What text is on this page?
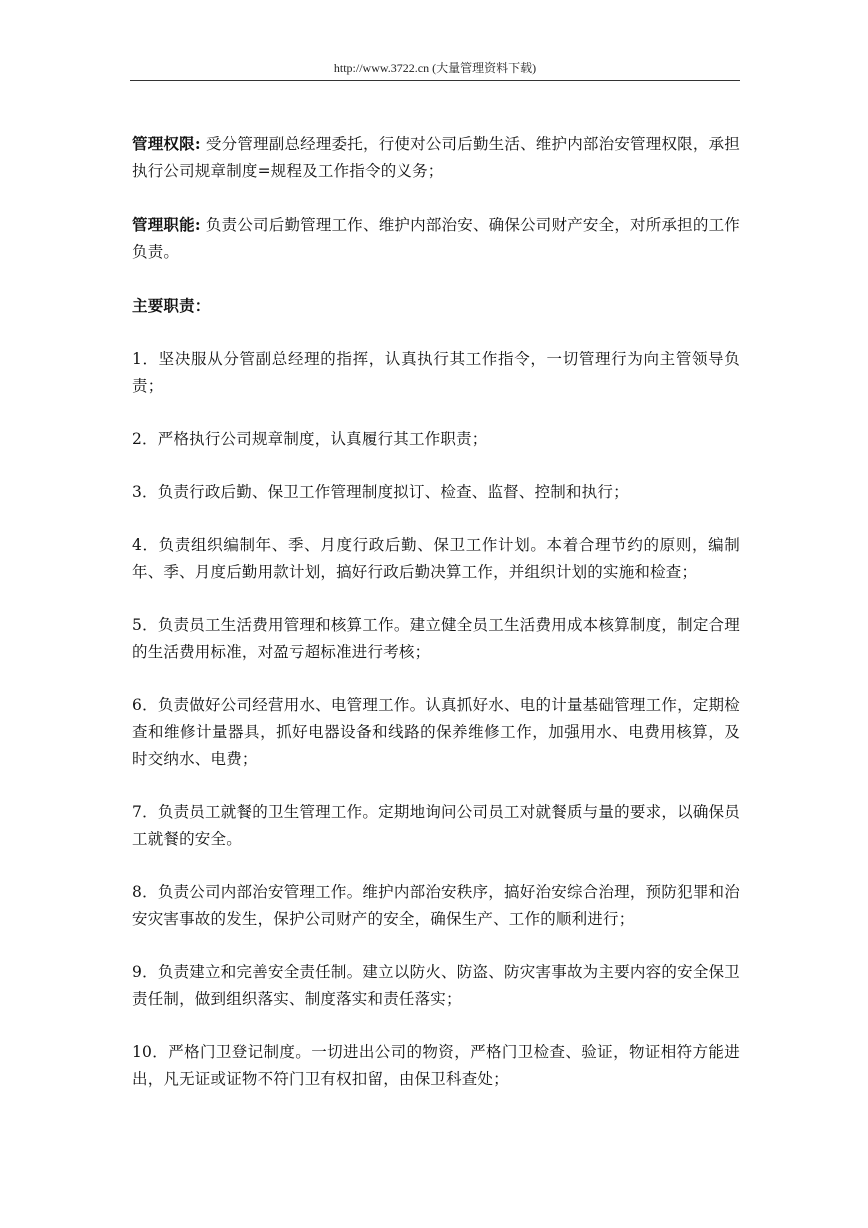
http://www.3722.cn (大量管理资料下载)

管理权限: 受分管理副总经理委托，行使对公司后勤生活、维护内部治安管理权限，承担执行公司规章制度=规程及工作指令的义务；

管理职能: 负责公司后勤管理工作、维护内部治安、确保公司财产安全，对所承担的工作负责。

主要职责：

1．坚决服从分管副总经理的指挥，认真执行其工作指令，一切管理行为向主管领导负责；

2．严格执行公司规章制度，认真履行其工作职责；

3．负责行政后勤、保卫工作管理制度拟订、检查、监督、控制和执行；

4．负责组织编制年、季、月度行政后勤、保卫工作计划。本着合理节约的原则，编制年、季、月度后勤用款计划，搞好行政后勤决算工作，并组织计划的实施和检查；

5．负责员工生活费用管理和核算工作。建立健全员工生活费用成本核算制度，制定合理的生活费用标准，对盈亏超标准进行考核；

6．负责做好公司经营用水、电管理工作。认真抓好水、电的计量基础管理工作，定期检查和维修计量器具，抓好电器设备和线路的保养维修工作，加强用水、电费用核算，及时交纳水、电费；

7．负责员工就餐的卫生管理工作。定期地询问公司员工对就餐质与量的要求，以确保员工就餐的安全。

8．负责公司内部治安管理工作。维护内部治安秩序，搞好治安综合治理，预防犯罪和治安灾害事故的发生，保护公司财产的安全，确保生产、工作的顺利进行；

9．负责建立和完善安全责任制。建立以防火、防盗、防灾害事故为主要内容的安全保卫责任制，做到组织落实、制度落实和责任落实；

10．严格门卫登记制度。一切进出公司的物资，严格门卫检查、验证，物证相符方能进出，凡无证或证物不符门卫有权扣留，由保卫科查处；
